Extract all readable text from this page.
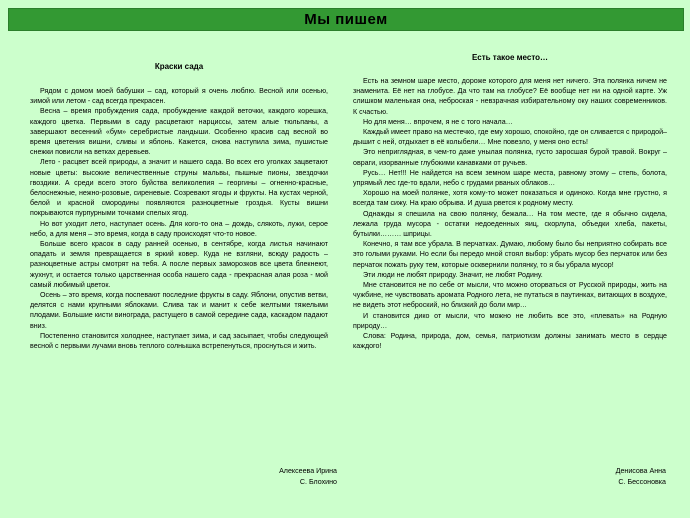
Мы пишем
Краски сада

Рядом с домом моей бабушки – сад, который я очень люблю. Весной или осенью, зимой или летом - сад всегда прекрасен.

Весна – время пробуждения сада, пробуждение каждой веточки, каждого корешка, каждого цветка. Первыми в саду расцветают нарциссы, затем алые тюльпаны, а завершают весенний «бум» серебристые ландыши. Особенно красив сад весной во время цветения вишни, сливы и яблонь. Кажется, снова наступила зима, пушистые снежки повисли на ветках деревьев.

Лето - расцвет всей природы, а значит и нашего сада. Во всех его уголках зацветают новые цветы: высокие величественные струны мальвы, пышные пионы, звездочки гвоздики. А среди всего этого буйства великолепия – георгины – огненно-красные, белоснежные, нежно-розовые, сиреневые. Созревают ягоды и фрукты. На кустах черной, белой и красной смородины появляются разноцветные гроздья. Кусты вишни покрываются пурпурными точками спелых ягод.

Но вот уходит лето, наступает осень. Для кого-то она – дождь, слякоть, лужи, серое небо, а для меня – это время, когда в саду происходят что-то новое.

Больше всего красок в саду ранней осенью, в сентябре, когда листья начинают опадать и земля превращается в яркий ковер. Куда не взгляни, всюду радость – разноцветные астры смотрят на тебя. А после первых заморозков все цвета блекнеют, жухнут, и остается только царственная особа нашего сада - прекрасная алая роза - мой самый любимый цветок.

Осень – это время, когда поспевают последние фрукты в саду. Яблони, опустив ветви, делятся с нами крупными яблоками. Слива так и манит к себе желтыми тяжелыми плодами. Большие кисти винограда, растущего в самой середине сада, каскадом падают вниз.

Постепенно становится холоднее, наступает зима, и сад засыпает, чтобы следующей весной с первыми лучами вновь теплого солнышка встрепенуться, проснуться и жить.

Алексеева Ирина
С. Блохино
Есть такое место…

Есть на земном шаре место, дороже которого для меня нет ничего. Эта полянка ничем не знаменита. Её нет на глобусе. Да что там на глобусе? Её вообще нет ни на одной карте. Уж слишком маленькая она, неброская - невзрачная избирательному оку наших современников. К счастью.

Но для меня… впрочем, я не с того начала…

Каждый имеет право на местечко, где ему хорошо, спокойно, где он сливается с природой– дышит с ней, отдыхает в её колыбели… Мне повезло, у меня оно есть!

Это неприглядная, в чем-то даже унылая полянка, густо заросшая бурой травой. Вокруг – овраги, изорванные глубокими канавками от ручьев.

Русь… Нет!!! Не найдется на всем земном шаре места, равному этому – степь, болота, упрямый лес где-то вдали, небо с грудами рваных облаков…

Хорошо на моей полянке, хотя кому-то может показаться и одиноко. Когда мне грустно, я всегда там сижу. На краю обрыва. И душа рвется к родному месту.

Однажды я спешила на свою полянку, бежала… На том месте, где я обычно сидела, лежала груда мусора - остатки недоеденных яиц, скорлупа, объедки хлеба, пакеты, бутылки……… шприцы.

Конечно, я там все убрала. В перчатках. Думаю, любому было бы неприятно собирать все это голыми руками. Но если бы передо мной стоял выбор: убрать мусор без перчаток или без перчаток пожать руку тем, которые осквернили полянку, то я бы убрала мусор!

Эти люди не любят природу. Значит, не любят Родину.

Мне становится не по себе от мысли, что можно оторваться от Русской природы, жить на чужбине, не чувствовать аромата Родного лета, не путаться в паутинках, витающих в воздухе, не видеть этот неброский, но близкий до боли мир…

И становится дико от мысли, что можно не любить все это, «плевать» на Родную природу…

Слова: Родина, природа, дом, семья, патриотизм должны занимать место в сердце каждого!

Денисова Анна
С. Бессоновка
